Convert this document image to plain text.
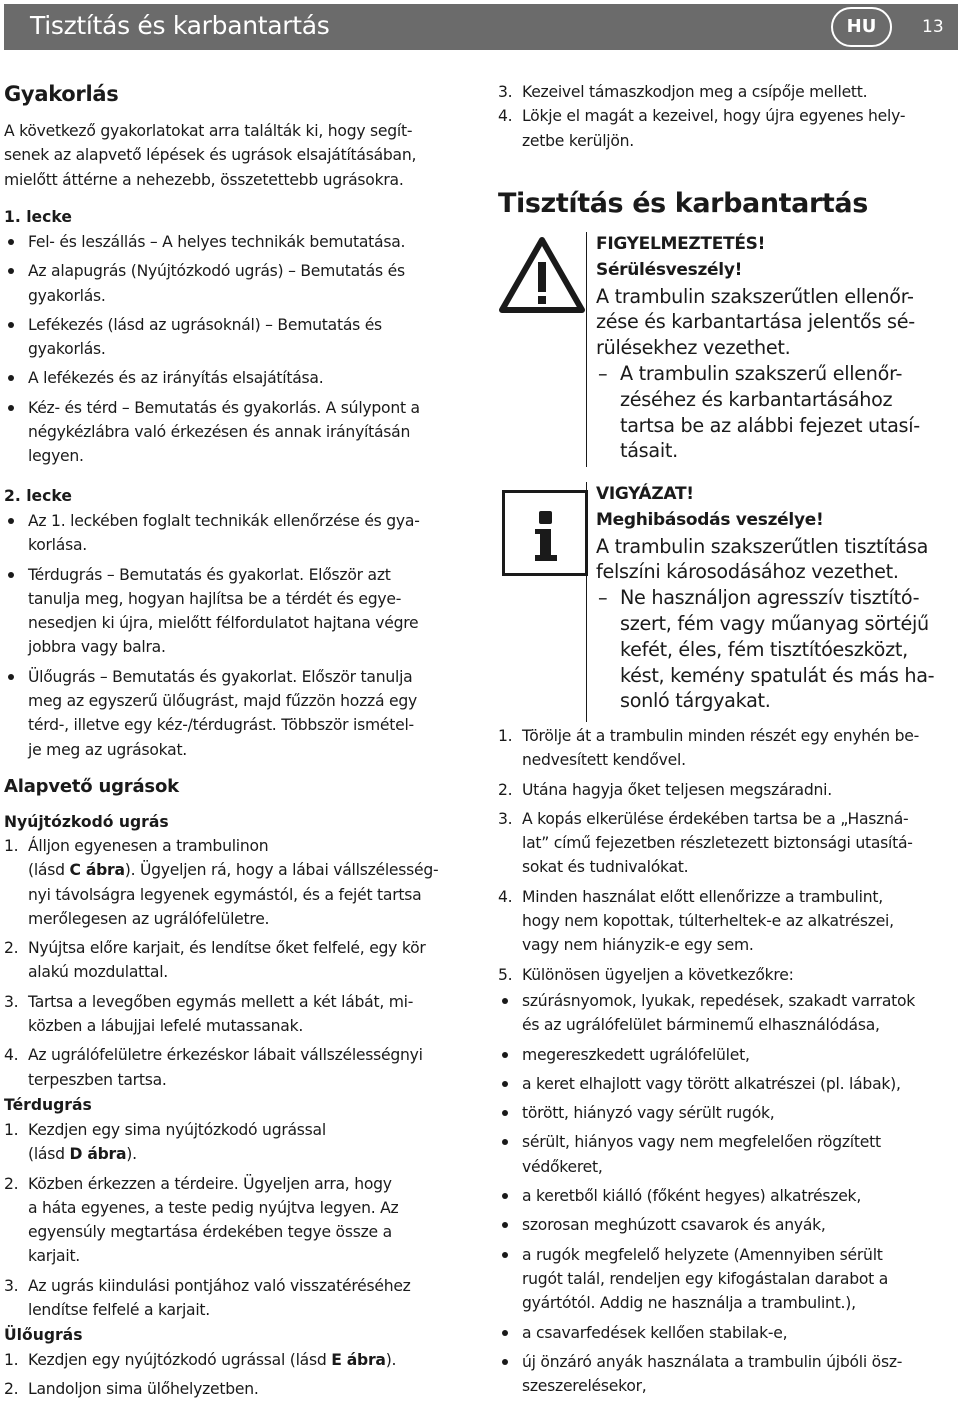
Tisztítás és karbantartás	HU	13
Gyakorlás
A következő gyakorlatokat arra találták ki, hogy segít-
senek az alapvető lépések és ugrások elsajátításában,
mielőtt áttérne a nehezebb, összetettebb ugrásokra.
1. lecke
Fel- és leszállás – A helyes technikák bemutatása.
Az alapugrás (Nyújtózkodó ugrás) – Bemutatás és
gyakorlás.
Lefékezés (lásd az ugrásoknál) – Bemutatás és
gyakorlás.
A lefékezés és az irányítás elsajátítása.
Kéz- és térd – Bemutatás és gyakorlás. A súlypont a
négykézlábra való érkezésen és annak irányításán
legyen.
2. lecke
Az 1. leckében foglalt technikák ellenőrzése és gya-
korlása.
Térdugrás – Bemutatás és gyakorlat. Először azt
tanulja meg, hogyan hajlítsa be a térdét és egye-
nesedjen ki újra, mielőtt félfordulatot hajtana végre
jobbra vagy balra.
Ülőugrás – Bemutatás és gyakorlat. Először tanulja
meg az egyszerű ülőugrást, majd fűzzön hozzá egy
térd-, illetve egy kéz-/térdugrást. Többször ismétel-
je meg az ugrásokat.
Alapvető ugrások
Nyújtózkodó ugrás
1. Álljon egyenesen a trambulinon
(lásd C ábra). Ügyeljen rá, hogy a lábai vállszélesség-
nyi távolságra legyenek egymástól, és a fejét tartsa
merőlegesen az ugrálófelületre.
2. Nyújtsa előre karjait, és lendítse őket felfelé, egy kör
alakú mozdulattal.
3. Tartsa a levegőben egymás mellett a két lábát, mi-
közben a lábujjai lefelé mutassanak.
4. Az ugrálófelületre érkezéskor lábait vállszélességnyi
terpeszben tartsa.
Térdugrás
1. Kezdjen egy sima nyújtózkodó ugrással
(lásd D ábra).
2. Közben érkezzen a térdeire. Ügyeljen arra, hogy
a háta egyenes, a teste pedig nyújtva legyen. Az
egyensúly megtartása érdekében tegye össze a
karjait.
3. Az ugrás kiindulási pontjához való visszatéréséhez
lendítse felfelé a karjait.
Ülőugrás
1. Kezdjen egy nyújtózkodó ugrással (lásd E ábra).
2. Landoljon sima ülőhelyzetben.
3. Kezeivel támaszkodjon meg a csípője mellett.
4. Lökje el magát a kezeivel, hogy újra egyenes hely-
zetbe kerüljön.
Tisztítás és karbantartás
FIGYELMEZTETÉS!
Sérülésveszély!
A trambulin szakszerűtlen ellenőr-
zése és karbantartása jelentős sé-
rülésekhez vezethet.
– A trambulin szakszerű ellenőr-
zéséhez és karbantartásához
tartsa be az alábbi fejezet utasí-
tásait.
VIGYÁZAT!
Meghibásodás veszélye!
A trambulin szakszerűtlen tisztítása
felszíni károsodásához vezethet.
– Ne használjon agresszív tisztító-
szert, fém vagy műanyag sörtéjű
kefét, éles, fém tisztítóeszközt,
kést, kemény spatulát és más ha-
sonló tárgyakat.
1. Törölje át a trambulin minden részét egy enyhén be-
nedvesített kendővel.
2. Utána hagyja őket teljesen megszáradni.
3. A kopás elkerülése érdekében tartsa be a „Haszná-
lat” című fejezetben részletezett biztonsági utasítá-
sokat és tudnivalókat.
4. Minden használat előtt ellenőrizze a trambulint,
hogy nem kopottak, túlterheltek-e az alkatrészei,
vagy nem hiányzik-e egy sem.
5. Különösen ügyeljen a következőkre:
szúrásnyomok, lyukak, repedések, szakadt varratok
és az ugrálófelület bárminemű elhasználódása,
megereszkedett ugrálófelület,
a keret elhajlott vagy törött alkatrészei (pl. lábak),
törött, hiányzó vagy sérült rugók,
sérült, hiányos vagy nem megfelelően rögzített
védőkeret,
a keretből kiálló (főként hegyes) alkatrészek,
szorosan meghúzott csavarok és anyák,
a rugók megfelelő helyzete (Amennyiben sérült
rugót talál, rendeljen egy kifogástalan darabot a
gyártótól. Addig ne használja a trambulint.),
a csavarfedések kellően stabilak-e,
új önzáró anyák használata a trambulin újbóli ösz-
szeszerelésekor,
